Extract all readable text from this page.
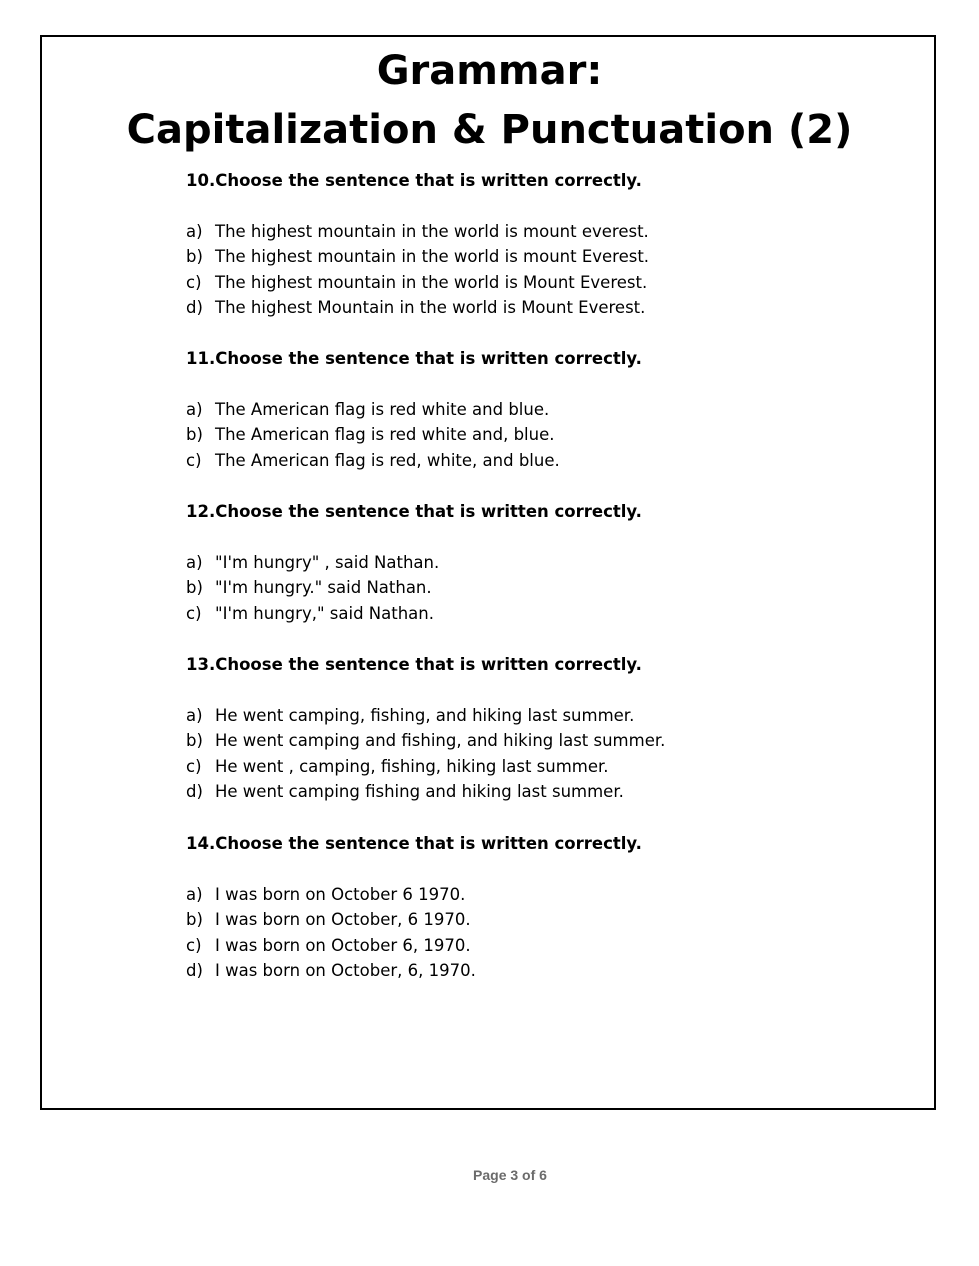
Grammar:
Capitalization & Punctuation (2)
10.Choose the sentence that is written correctly.
a) The highest mountain in the world is mount everest.
b) The highest mountain in the world is mount Everest.
c) The highest mountain in the world is Mount Everest.
d) The highest Mountain in the world is Mount Everest.
11.Choose the sentence that is written correctly.
a) The American flag is red white and blue.
b) The American flag is red white and, blue.
c) The American flag is red, white, and blue.
12.Choose the sentence that is written correctly.
a) "I'm hungry" , said Nathan.
b) "I'm hungry." said Nathan.
c) "I'm hungry," said Nathan.
13.Choose the sentence that is written correctly.
a) He went camping, fishing, and hiking last summer.
b) He went camping and fishing, and hiking last summer.
c) He went , camping, fishing, hiking last summer.
d) He went camping fishing and hiking last summer.
14.Choose the sentence that is written correctly.
a) I was born on October 6 1970.
b) I was born on October, 6 1970.
c) I was born on October 6, 1970.
d) I was born on October, 6, 1970.
Page 3 of 6
